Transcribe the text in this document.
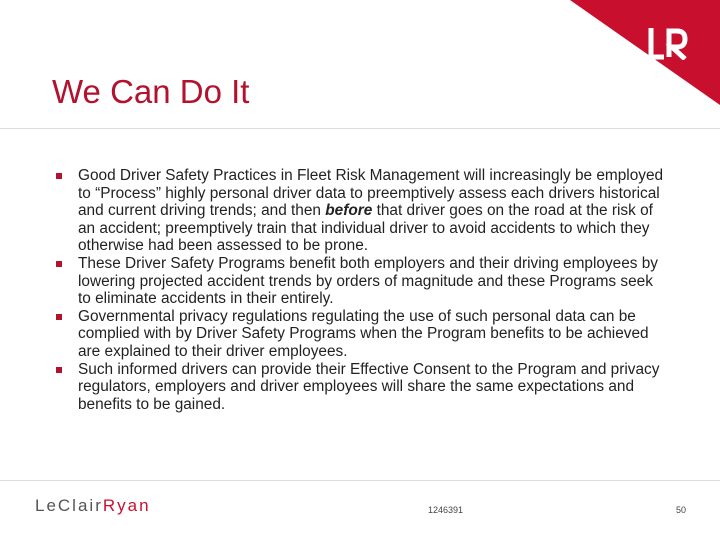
We Can Do It
Good Driver Safety Practices in Fleet Risk Management will increasingly be employed to “Process” highly personal driver data to preemptively assess each drivers historical and current driving trends; and then before that driver goes on the road at the risk of an accident; preemptively train that individual driver to avoid accidents to which they otherwise had been assessed to be prone.
These Driver Safety Programs benefit both employers and their driving employees by lowering projected accident trends by orders of magnitude and these Programs seek to eliminate accidents in their entirely.
Governmental privacy regulations regulating the use of such personal data can be complied with by Driver Safety Programs when the Program benefits to be achieved are explained to their driver employees.
Such informed drivers can provide their Effective Consent to the Program and privacy regulators, employers and driver employees will share the same expectations and benefits to be gained.
LeClairRyan	1246391	50
